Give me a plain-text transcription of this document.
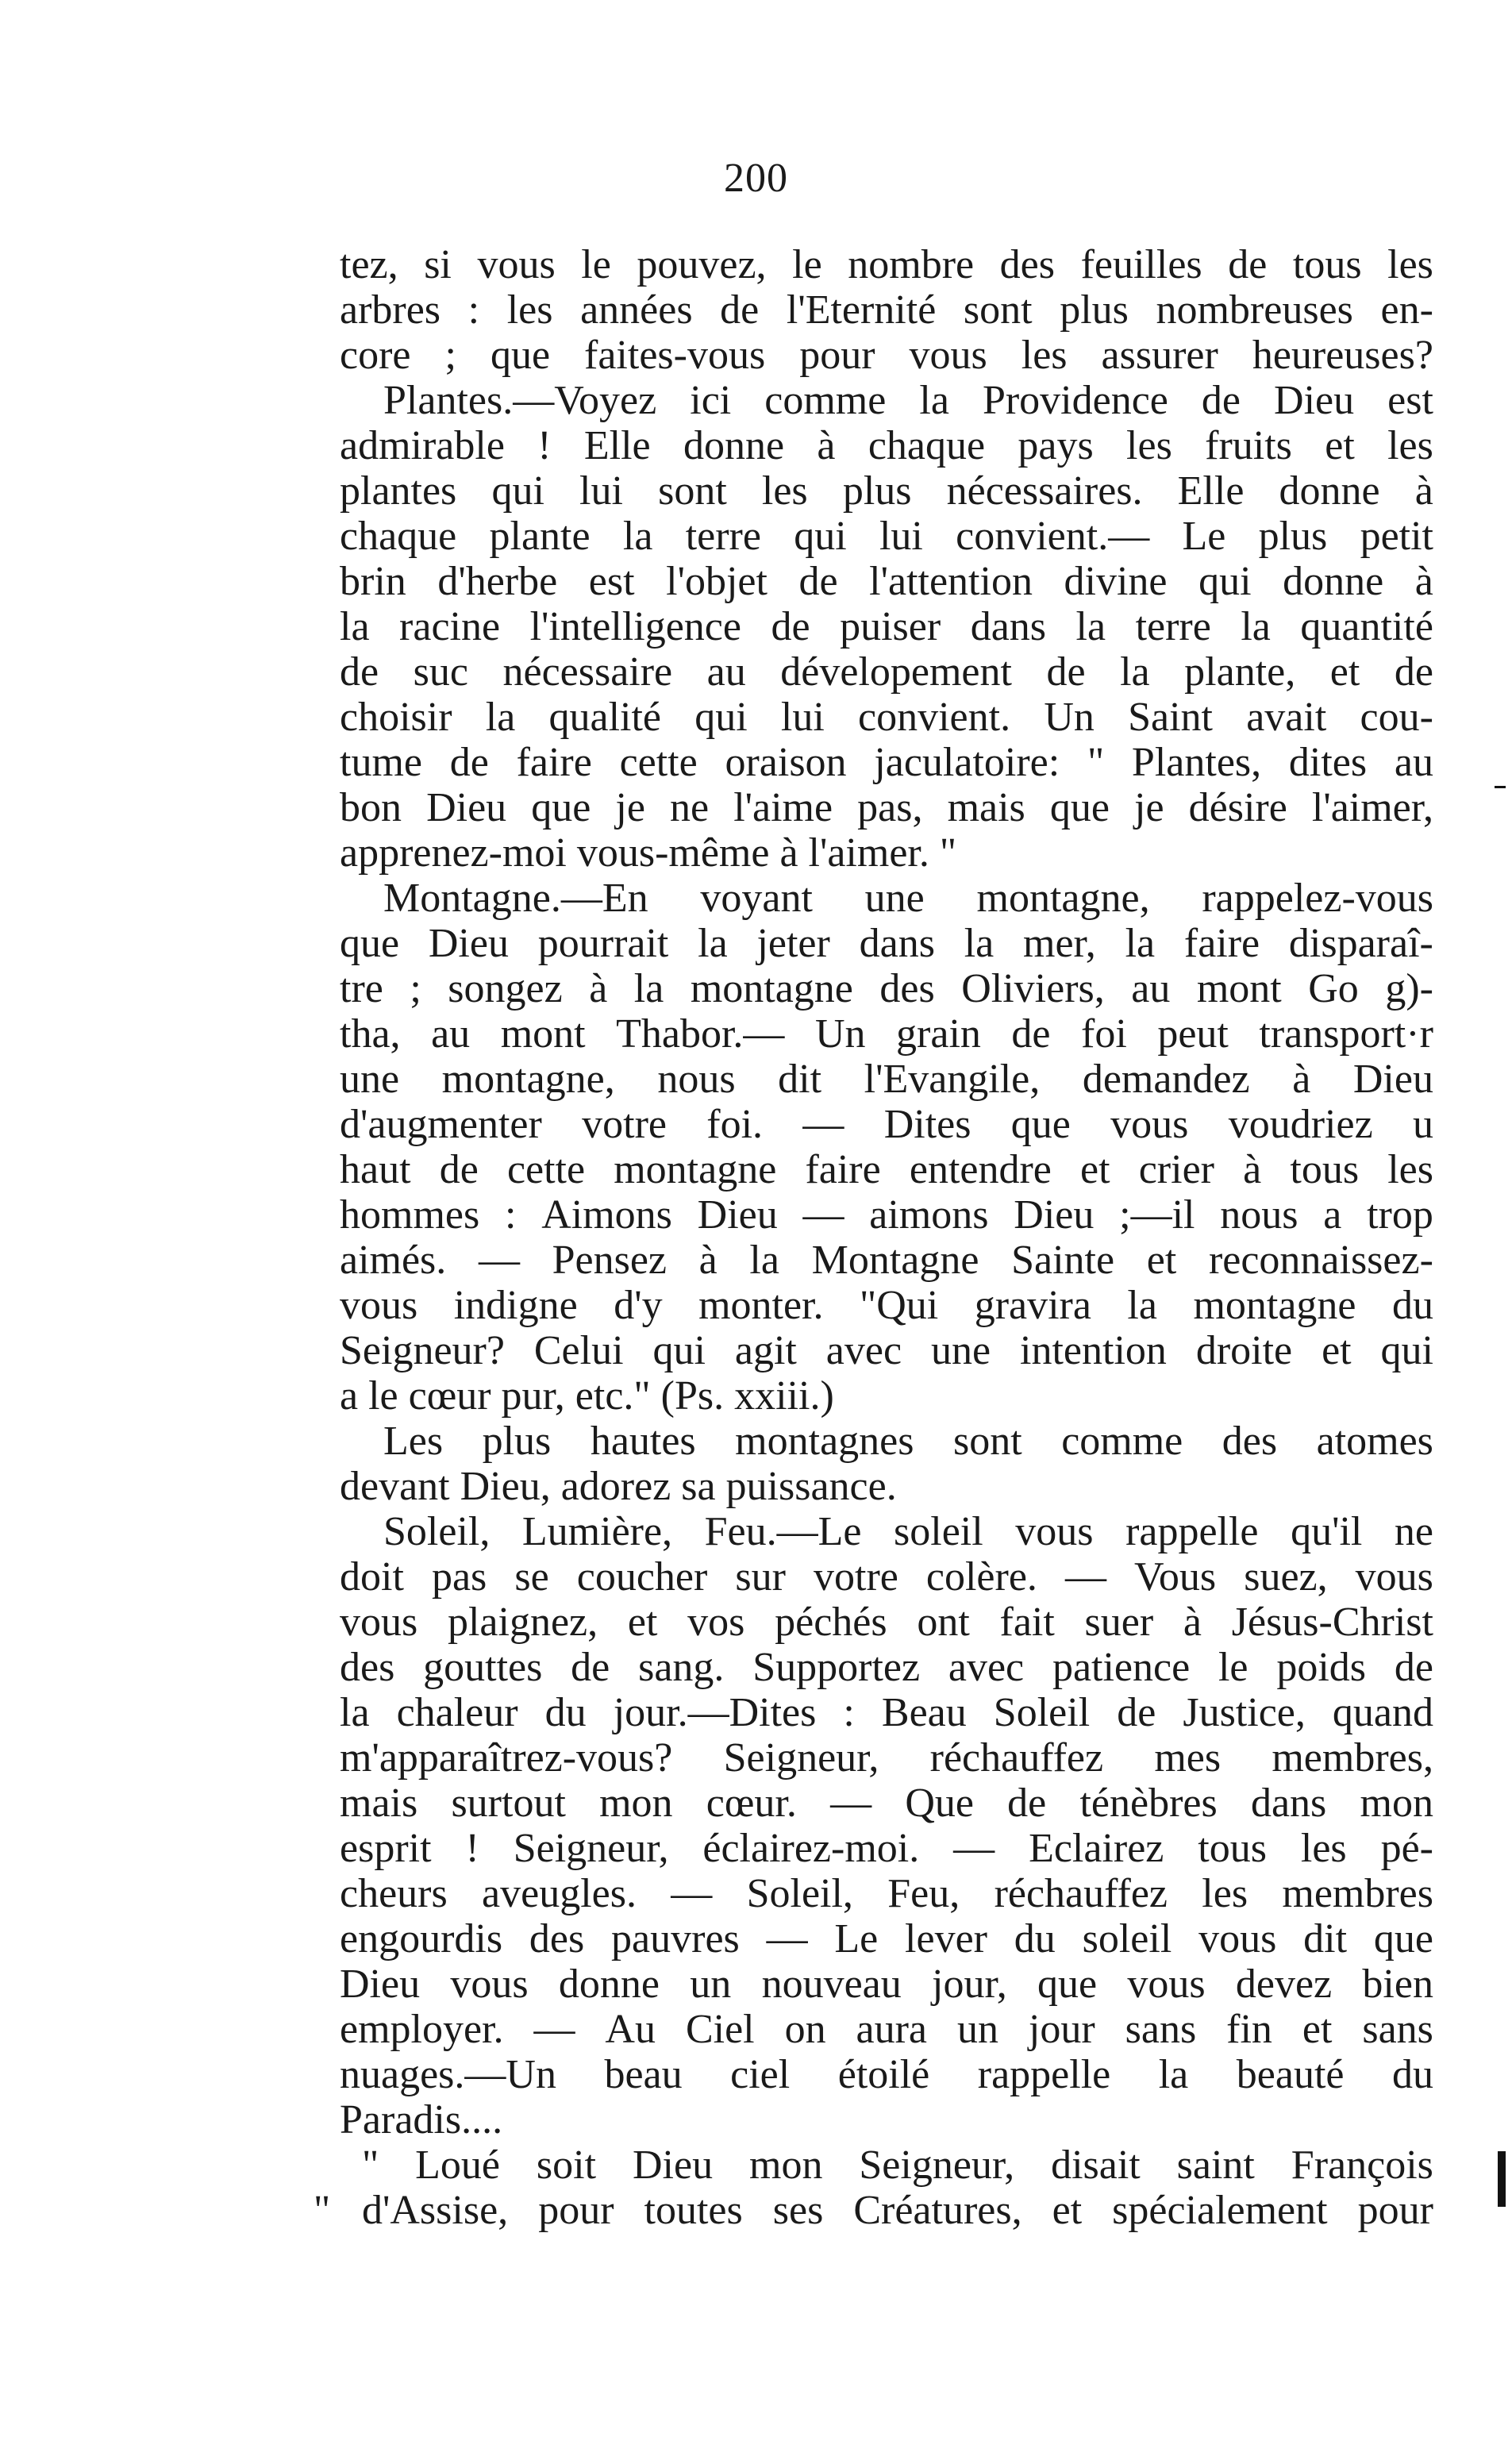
200
tez, si vous le pouvez, le nombre des feuilles de tous les
arbres : les années de l'Eternité sont plus nombreuses en-
core ; que faites-vous pour vous les assurer heureuses?
Plantes.—Voyez ici comme la Providence de Dieu est
admirable ! Elle donne à chaque pays les fruits et les
plantes qui lui sont les plus nécessaires. Elle donne à
chaque plante la terre qui lui convient.— Le plus petit
brin d'herbe est l'objet de l'attention divine qui donne à
la racine l'intelligence de puiser dans la terre la quantité
de suc nécessaire au dévelopement de la plante, et de
choisir la qualité qui lui convient. Un Saint avait cou-
tume de faire cette oraison jaculatoire: " Plantes, dites au
bon Dieu que je ne l'aime pas, mais que je désire l'aimer,
apprenez-moi vous-même à l'aimer. "
Montagne.—En voyant une montagne, rappelez-vous
que Dieu pourrait la jeter dans la mer, la faire disparaî-
tre ; songez à la montagne des Oliviers, au mont Go g)-
tha, au mont Thabor.— Un grain de foi peut transport·r
une montagne, nous dit l'Evangile, demandez à Dieu
d'augmenter votre foi. — Dites que vous voudriez u
haut de cette montagne faire entendre et crier à tous les
hommes : Aimons Dieu — aimons Dieu ;—il nous a trop
aimés. — Pensez à la Montagne Sainte et reconnaissez-
vous indigne d'y monter. "Qui gravira la montagne du
Seigneur? Celui qui agit avec une intention droite et qui
a le cœur pur, etc." (Ps. xxiii.)
Les plus hautes montagnes sont comme des atomes
devant Dieu, adorez sa puissance.
Soleil, Lumière, Feu.—Le soleil vous rappelle qu'il ne
doit pas se coucher sur votre colère. — Vous suez, vous
vous plaignez, et vos péchés ont fait suer à Jésus-Christ
des gouttes de sang. Supportez avec patience le poids de
la chaleur du jour.—Dites : Beau Soleil de Justice, quand
m'apparaîtrez-vous? Seigneur, réchauffez mes membres,
mais surtout mon cœur. — Que de ténèbres dans mon
esprit ! Seigneur, éclairez-moi. — Eclairez tous les pé-
cheurs aveugles. — Soleil, Feu, réchauffez les membres
engourdis des pauvres — Le lever du soleil vous dit que
Dieu vous donne un nouveau jour, que vous devez bien
employer. — Au Ciel on aura un jour sans fin et sans
nuages.—Un beau ciel étoilé rappelle la beauté du
Paradis....
" Loué soit Dieu mon Seigneur, disait saint François
d'Assise, pour toutes ses Créatures, et spécialement pour
"
